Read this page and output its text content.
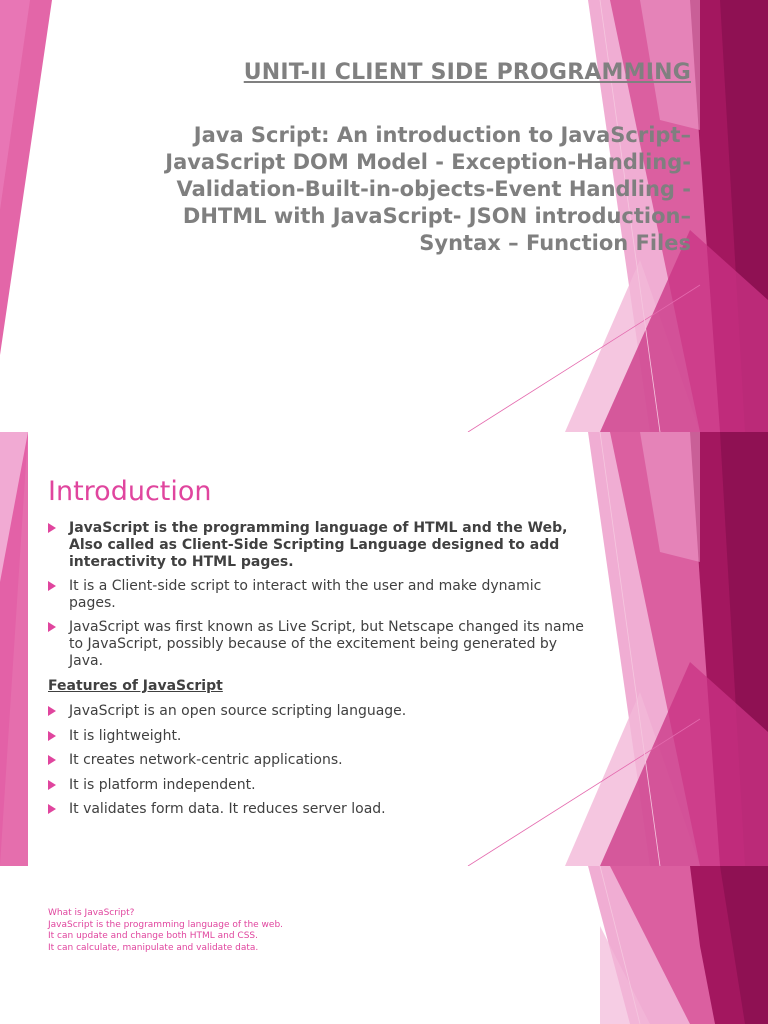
UNIT-II CLIENT SIDE PROGRAMMING
Java Script: An introduction to JavaScript–
JavaScript DOM Model - Exception-Handling-
Validation-Built-in-objects-Event Handling -
DHTML with JavaScript- JSON introduction–
Syntax – Function Files
Introduction
JavaScript is the programming language of HTML and the Web, Also called as Client-Side Scripting Language designed to add interactivity to HTML pages.
It is a Client-side script to interact with the user and make dynamic pages.
JavaScript was first known as Live Script, but Netscape changed its name to JavaScript, possibly because of the excitement being generated by Java.
Features of JavaScript
JavaScript is an open source scripting language.
It is lightweight.
It creates network-centric applications.
It is platform independent.
It validates form data. It reduces server load.
What is JavaScript?
JavaScript is the programming language of the web.
It can update and change both HTML and CSS.
It can calculate, manipulate and validate data.
